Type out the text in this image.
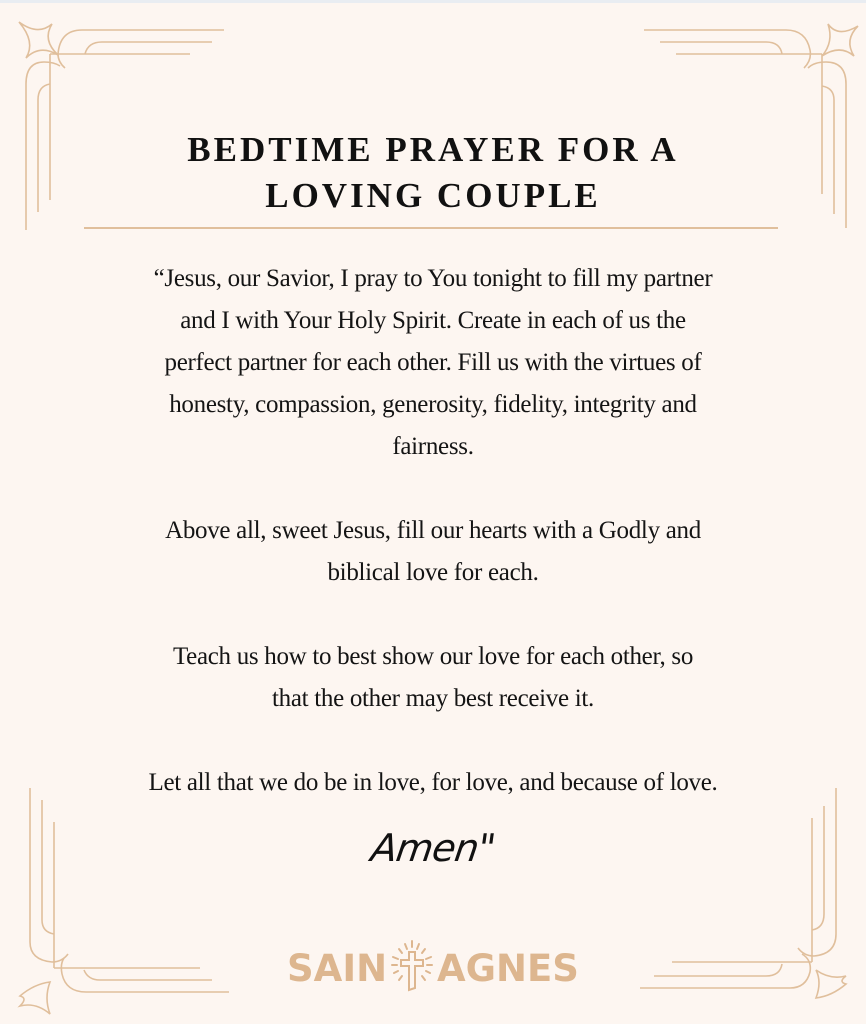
BEDTIME PRAYER FOR A
LOVING COUPLE

“Jesus, our Savior, I pray to You tonight to fill my partner
and I with Your Holy Spirit. Create in each of us the
perfect partner for each other. Fill us with the virtues of
honesty, compassion, generosity, fidelity, integrity and
fairness.

Above all, sweet Jesus, fill our hearts with a Godly and
biblical love for each.

Teach us how to best show our love for each other, so
that the other may best receive it.

Let all that we do be in love, for love, and because of love.

Amen"
SAIN AGNES
